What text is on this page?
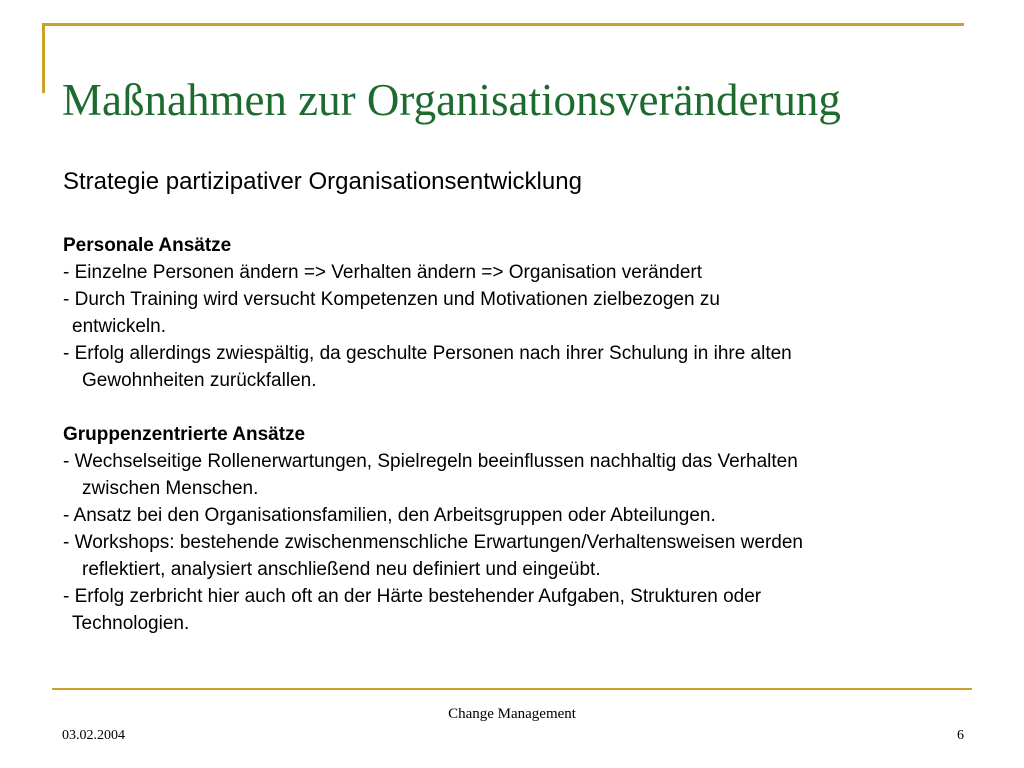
Maßnahmen zur Organisationsveränderung

Strategie partizipativer Organisationsentwicklung

Personale Ansätze
- Einzelne Personen ändern => Verhalten ändern => Organisation verändert
- Durch Training wird versucht Kompetenzen und Motivationen zielbezogen zu
entwickeln.
- Erfolg allerdings zwiespältig, da geschulte Personen nach ihrer Schulung in ihre alten
Gewohnheiten zurückfallen.
Gruppenzentrierte Ansätze
- Wechselseitige Rollenerwartungen, Spielregeln beeinflussen nachhaltig das Verhalten
zwischen Menschen.
- Ansatz bei den Organisationsfamilien, den Arbeitsgruppen oder Abteilungen.
- Workshops: bestehende zwischenmenschliche Erwartungen/Verhaltensweisen werden
reflektiert, analysiert anschließend neu definiert und eingeübt.
- Erfolg zerbricht hier auch oft an der Härte bestehender Aufgaben, Strukturen oder
Technologien.
Change Management
03.02.2004	6
